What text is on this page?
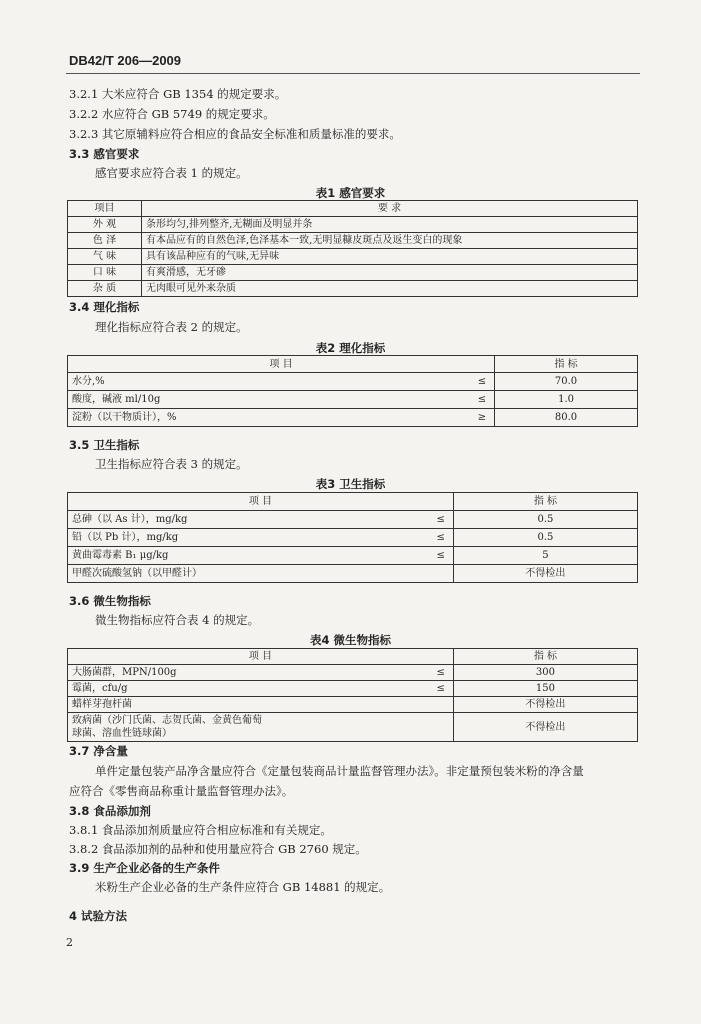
DB42/T 206—2009
3.2.1 大米应符合 GB 1354 的规定要求。
3.2.2 水应符合 GB 5749 的规定要求。
3.2.3 其它原辅料应符合相应的食品安全标准和质量标准的要求。
3.3 感官要求
感官要求应符合表 1 的规定。
表1 感官要求
项目	要 求
外 观	条形均匀,排列整齐,无糊面及明显并条
色 泽	有本品应有的自然色泽,色泽基本一致,无明显糠皮斑点及返生变白的现象
气 味	具有该品种应有的气味,无异味
口 味	有爽滑感，无牙碜
杂 质	无肉眼可见外来杂质
3.4 理化指标
理化指标应符合表 2 的规定。
表2 理化指标
项 目		指 标
水分,%	≤	70.0
酸度，碱液 ml/10g	≤	1.0
淀粉（以干物质计），%	≥	80.0
3.5 卫生指标
卫生指标应符合表 3 的规定。
表3 卫生指标
项 目		指 标
总砷（以 As 计），mg/kg	≤	0.5
铅（以 Pb 计），mg/kg	≤	0.5
黄曲霉毒素 B₁ μg/kg	≤	5
甲醛次硫酸氢钠（以甲醛计）		不得检出
3.6 微生物指标
微生物指标应符合表 4 的规定。
表4 微生物指标
项 目		指 标
大肠菌群，MPN/100g	≤	300
霉菌，cfu/g	≤	150
蜡样芽孢杆菌		不得检出

致病菌（沙门氏菌、志贺氏菌、金黄色葡萄
球菌、溶血性链球菌）		不得检出
3.7 净含量
单件定量包装产品净含量应符合《定量包装商品计量监督管理办法》。非定量预包装米粉的净含量
应符合《零售商品称重计量监督管理办法》。
3.8 食品添加剂
3.8.1 食品添加剂质量应符合相应标准和有关规定。
3.8.2 食品添加剂的品种和使用量应符合 GB 2760 规定。
3.9 生产企业必备的生产条件
米粉生产企业必备的生产条件应符合 GB 14881 的规定。
4 试验方法
2
